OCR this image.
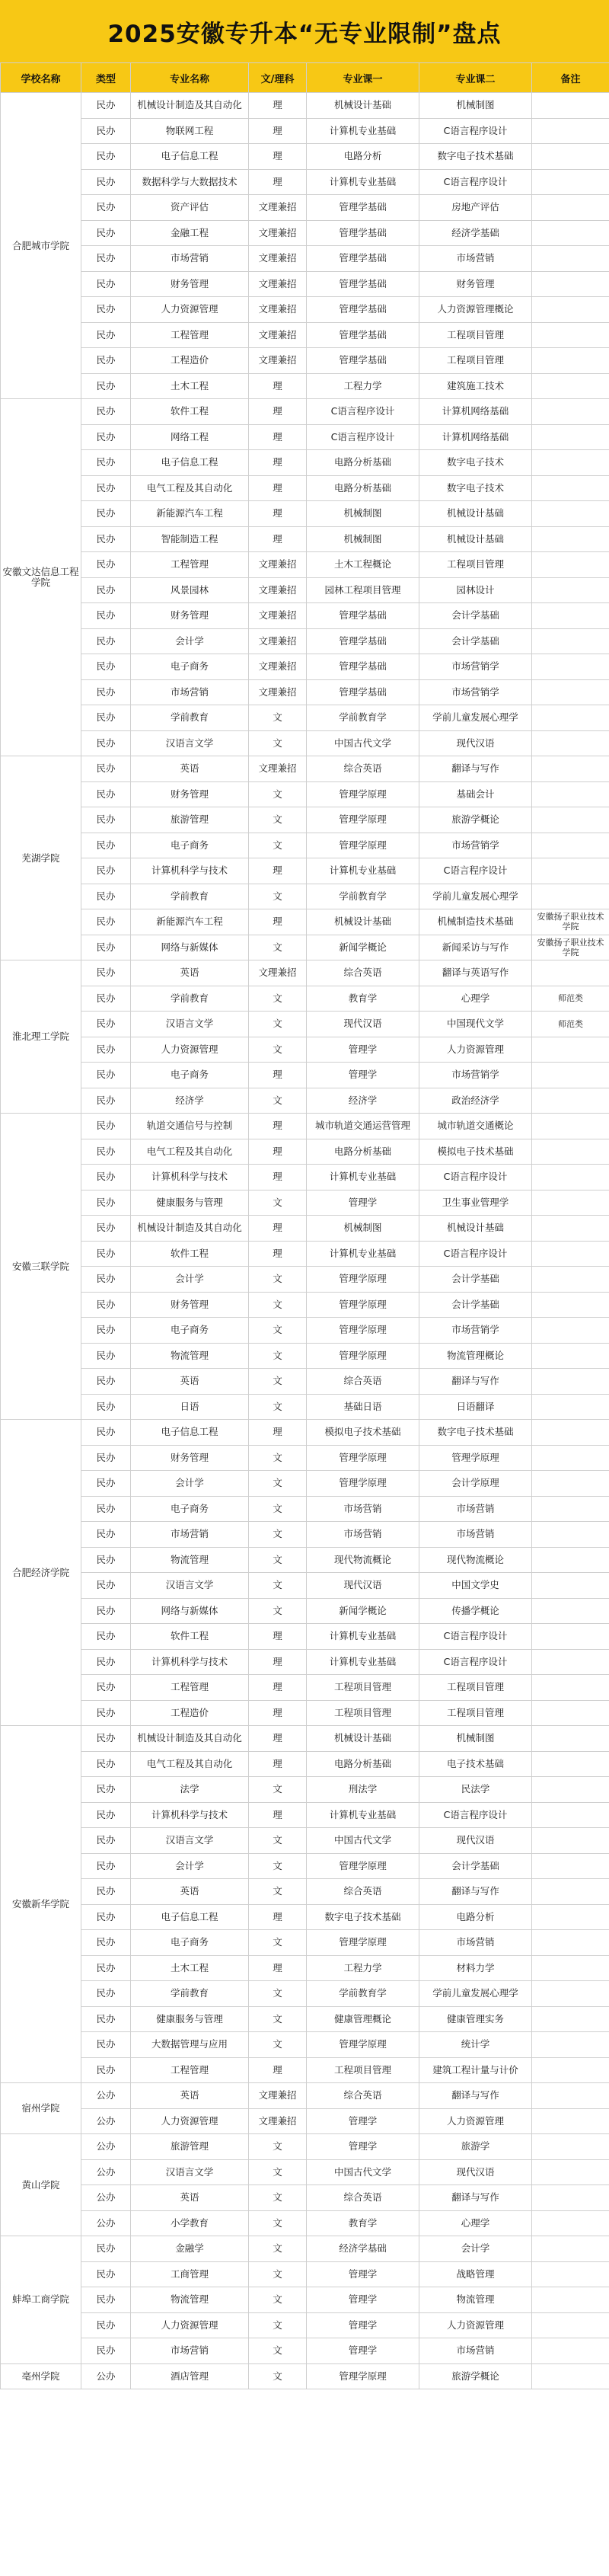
2025安徽专升本“无专业限制”盘点
学校名称	类型	专业名称	文/理科	专业课一	专业课二	备注
合肥城市学院	民办	机械设计制造及其自动化	理	机械设计基础	机械制图	
	民办	物联网工程	理	计算机专业基础	C语言程序设计	
	民办	电子信息工程	理	电路分析	数字电子技术基础	
	民办	数据科学与大数据技术	理	计算机专业基础	C语言程序设计	
	民办	资产评估	文理兼招	管理学基础	房地产评估	
	民办	金融工程	文理兼招	管理学基础	经济学基础	
	民办	市场营销	文理兼招	管理学基础	市场营销	
	民办	财务管理	文理兼招	管理学基础	财务管理	
	民办	人力资源管理	文理兼招	管理学基础	人力资源管理概论	
	民办	工程管理	文理兼招	管理学基础	工程项目管理	
	民办	工程造价	文理兼招	管理学基础	工程项目管理	
	民办	土木工程	理	工程力学	建筑施工技术	
安徽文达信息工程学院	民办	软件工程	理	C语言程序设计	计算机网络基础	
	民办	网络工程	理	C语言程序设计	计算机网络基础	
	民办	电子信息工程	理	电路分析基础	数字电子技术	
	民办	电气工程及其自动化	理	电路分析基础	数字电子技术	
	民办	新能源汽车工程	理	机械制图	机械设计基础	
	民办	智能制造工程	理	机械制图	机械设计基础	
	民办	工程管理	文理兼招	土木工程概论	工程项目管理	
	民办	风景园林	文理兼招	园林工程项目管理	园林设计	
	民办	财务管理	文理兼招	管理学基础	会计学基础	
	民办	会计学	文理兼招	管理学基础	会计学基础	
	民办	电子商务	文理兼招	管理学基础	市场营销学	
	民办	市场营销	文理兼招	管理学基础	市场营销学	
	民办	学前教育	文	学前教育学	学前儿童发展心理学	
	民办	汉语言文学	文	中国古代文学	现代汉语	
芜湖学院	民办	英语	文理兼招	综合英语	翻译与写作	
	民办	财务管理	文	管理学原理	基础会计	
	民办	旅游管理	文	管理学原理	旅游学概论	
	民办	电子商务	文	管理学原理	市场营销学	
	民办	计算机科学与技术	理	计算机专业基础	C语言程序设计	
	民办	学前教育	文	学前教育学	学前儿童发展心理学	
	民办	新能源汽车工程	理	机械设计基础	机械制造技术基础	安徽扬子职业技术学院
	民办	网络与新媒体	文	新闻学概论	新闻采访与写作	安徽扬子职业技术学院
淮北理工学院	民办	英语	文理兼招	综合英语	翻译与英语写作	
	民办	学前教育	文	教育学	心理学	师范类
	民办	汉语言文学	文	现代汉语	中国现代文学	师范类
	民办	人力资源管理	文	管理学	人力资源管理	
	民办	电子商务	理	管理学	市场营销学	
	民办	经济学	文	经济学	政治经济学	
安徽三联学院	民办	轨道交通信号与控制	理	城市轨道交通运营管理	城市轨道交通概论	
	民办	电气工程及其自动化	理	电路分析基础	模拟电子技术基础	
	民办	计算机科学与技术	理	计算机专业基础	C语言程序设计	
	民办	健康服务与管理	文	管理学	卫生事业管理学	
	民办	机械设计制造及其自动化	理	机械制图	机械设计基础	
	民办	软件工程	理	计算机专业基础	C语言程序设计	
	民办	会计学	文	管理学原理	会计学基础	
	民办	财务管理	文	管理学原理	会计学基础	
	民办	电子商务	文	管理学原理	市场营销学	
	民办	物流管理	文	管理学原理	物流管理概论	
	民办	英语	文	综合英语	翻译与写作	
	民办	日语	文	基础日语	日语翻译	
合肥经济学院	民办	电子信息工程	理	模拟电子技术基础	数字电子技术基础	
	民办	财务管理	文	管理学原理	管理学原理	
	民办	会计学	文	管理学原理	会计学原理	
	民办	电子商务	文	市场营销	市场营销	
	民办	市场营销	文	市场营销	市场营销	
	民办	物流管理	文	现代物流概论	现代物流概论	
	民办	汉语言文学	文	现代汉语	中国文学史	
	民办	网络与新媒体	文	新闻学概论	传播学概论	
	民办	软件工程	理	计算机专业基础	C语言程序设计	
	民办	计算机科学与技术	理	计算机专业基础	C语言程序设计	
	民办	工程管理	理	工程项目管理	工程项目管理	
	民办	工程造价	理	工程项目管理	工程项目管理	
安徽新华学院	民办	机械设计制造及其自动化	理	机械设计基础	机械制图	
	民办	电气工程及其自动化	理	电路分析基础	电子技术基础	
	民办	法学	文	刑法学	民法学	
	民办	计算机科学与技术	理	计算机专业基础	C语言程序设计	
	民办	汉语言文学	文	中国古代文学	现代汉语	
	民办	会计学	文	管理学原理	会计学基础	
	民办	英语	文	综合英语	翻译与写作	
	民办	电子信息工程	理	数字电子技术基础	电路分析	
	民办	电子商务	文	管理学原理	市场营销	
	民办	土木工程	理	工程力学	材料力学	
	民办	学前教育	文	学前教育学	学前儿童发展心理学	
	民办	健康服务与管理	文	健康管理概论	健康管理实务	
	民办	大数据管理与应用	文	管理学原理	统计学	
	民办	工程管理	理	工程项目管理	建筑工程计量与计价	
宿州学院	公办	英语	文理兼招	综合英语	翻译与写作	
	公办	人力资源管理	文理兼招	管理学	人力资源管理	
黄山学院	公办	旅游管理	文	管理学	旅游学	
	公办	汉语言文学	文	中国古代文学	现代汉语	
	公办	英语	文	综合英语	翻译与写作	
	公办	小学教育	文	教育学	心理学	
蚌埠工商学院	民办	金融学	文	经济学基础	会计学	
	民办	工商管理	文	管理学	战略管理	
	民办	物流管理	文	管理学	物流管理	
	民办	人力资源管理	文	管理学	人力资源管理	
	民办	市场营销	文	管理学	市场营销	
亳州学院	公办	酒店管理	文	管理学原理	旅游学概论	
